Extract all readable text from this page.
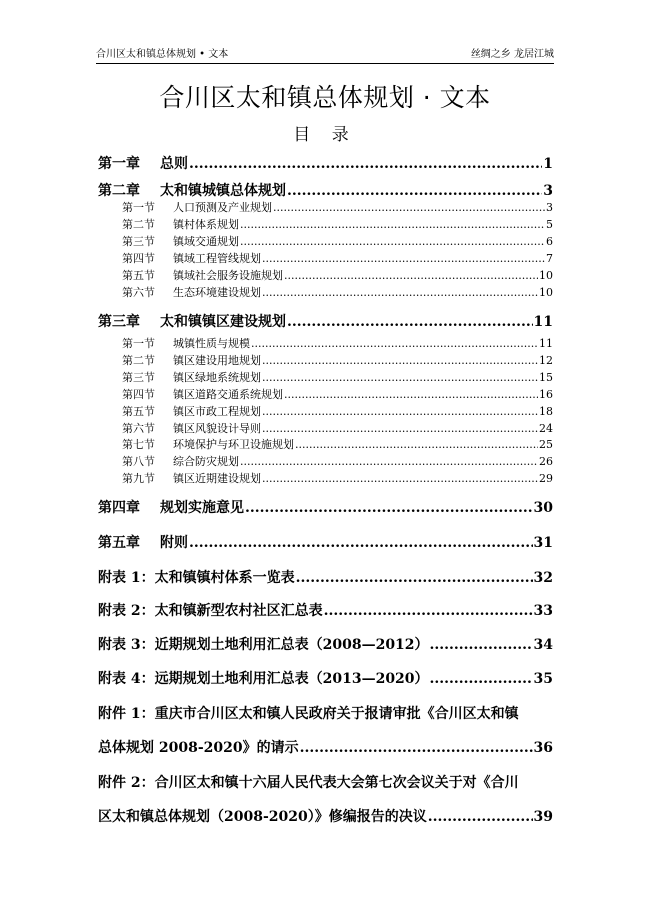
合川区太和镇总体规划 • 文本	丝绸之乡 龙居江城
合川区太和镇总体规划 · 文本
目 录
第一章 总则 .....	1
第二章 太和镇城镇总体规划 .....	3
第一节 人口预测及产业规划 .....	3
第二节 镇村体系规划 .....	5
第三节 镇域交通规划 .....	6
第四节 镇域工程管线规划 .....	7
第五节 镇域社会服务设施规划 .....	10
第六节 生态环境建设规划 .....	10
第三章 太和镇镇区建设规划 .....	11
第一节 城镇性质与规模 .....	11
第二节 镇区建设用地规划 .....	12
第三节 镇区绿地系统规划 .....	15
第四节 镇区道路交通系统规划 .....	16
第五节 镇区市政工程规划 .....	18
第六节 镇区风貌设计导则 .....	24
第七节 环境保护与环卫设施规划 .....	25
第八节 综合防灾规划 .....	26
第九节 镇区近期建设规划 .....	29
第四章 规划实施意见 .....	30
第五章 附则 .....	31
附表 1：太和镇镇村体系一览表 .....	32
附表 2：太和镇新型农村社区汇总表 .....	33
附表 3：近期规划土地利用汇总表（2008—2012） .....	34
附表 4：远期规划土地利用汇总表（2013—2020） .....	35
附件 1：重庆市合川区太和镇人民政府关于报请审批《合川区太和镇
总体规划 2008-2020》的请示 .....	36
附件 2：合川区太和镇十六届人民代表大会第七次会议关于对《合川
区太和镇总体规划（2008-2020）》修编报告的决议 .....	39
